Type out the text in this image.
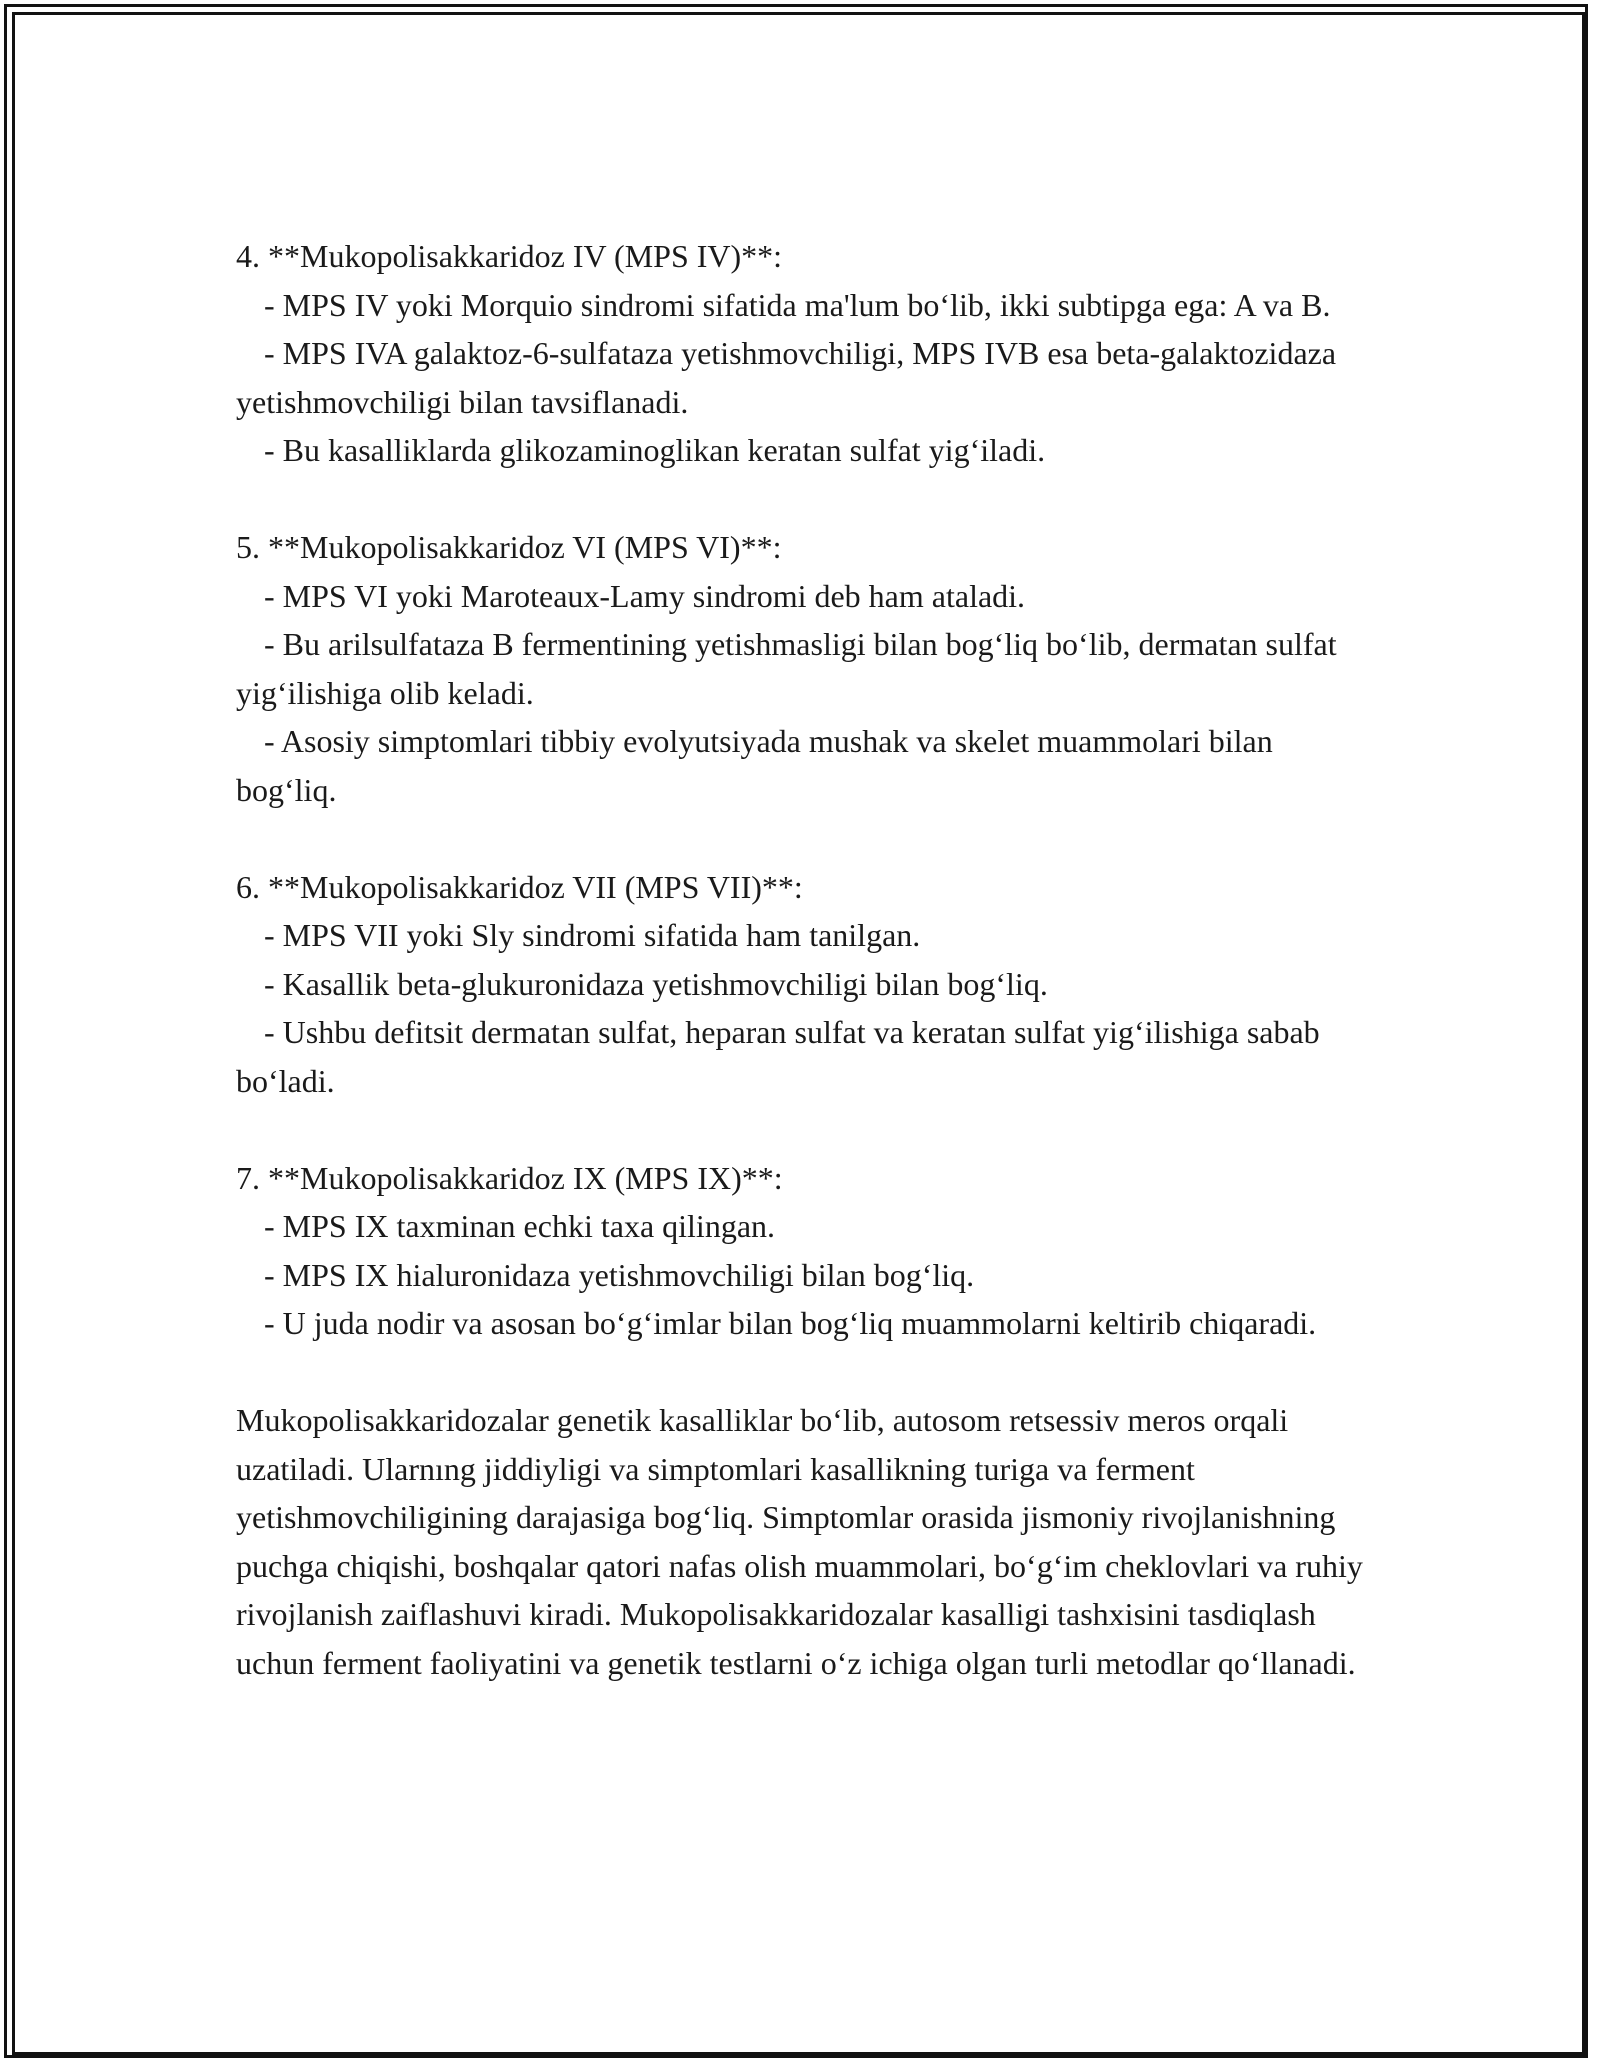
4. **Mukopolisakkaridoz IV (MPS IV)**:

- MPS IV yoki Morquio sindromi sifatida ma'lum bo‘lib, ikki subtipga ega: A va B.

- MPS IVA galaktoz-6-sulfataza yetishmovchiligi, MPS IVB esa beta-galaktozidaza yetishmovchiligi bilan tavsiflanadi.

- Bu kasalliklarda glikozaminoglikan keratan sulfat yig‘iladi.

5. **Mukopolisakkaridoz VI (MPS VI)**:

- MPS VI yoki Maroteaux-Lamy sindromi deb ham ataladi.

- Bu arilsulfataza B fermentining yetishmasligi bilan bog‘liq bo‘lib, dermatan sulfat yig‘ilishiga olib keladi.

- Asosiy simptomlari tibbiy evolyutsiyada mushak va skelet muammolari bilan bog‘liq.

6. **Mukopolisakkaridoz VII (MPS VII)**:

- MPS VII yoki Sly sindromi sifatida ham tanilgan.

- Kasallik beta-glukuronidaza yetishmovchiligi bilan bog‘liq.

- Ushbu defitsit dermatan sulfat, heparan sulfat va keratan sulfat yig‘ilishiga sabab bo‘ladi.

7. **Mukopolisakkaridoz IX (MPS IX)**:

- MPS IX taxminan echki taxa qilingan.

- MPS IX hialuronidaza yetishmovchiligi bilan bog‘liq.

- U juda nodir va asosan bo‘g‘imlar bilan bog‘liq muammolarni keltirib chiqaradi.

Mukopolisakkaridozalar genetik kasalliklar bo‘lib, autosom retsessiv meros orqali uzatiladi. Ularnıng jiddiyligi va simptomlari kasallikning turiga va ferment yetishmovchiligining darajasiga bog‘liq. Simptomlar orasida jismoniy rivojlanishning puchga chiqishi, boshqalar qatori nafas olish muammolari, bo‘g‘im cheklovlari va ruhiy rivojlanish zaiflashuvi kiradi. Mukopolisakkaridozalar kasalligi tashxisini tasdiqlash uchun ferment faoliyatini va genetik testlarni o‘z ichiga olgan turli metodlar qo‘llanadi.
